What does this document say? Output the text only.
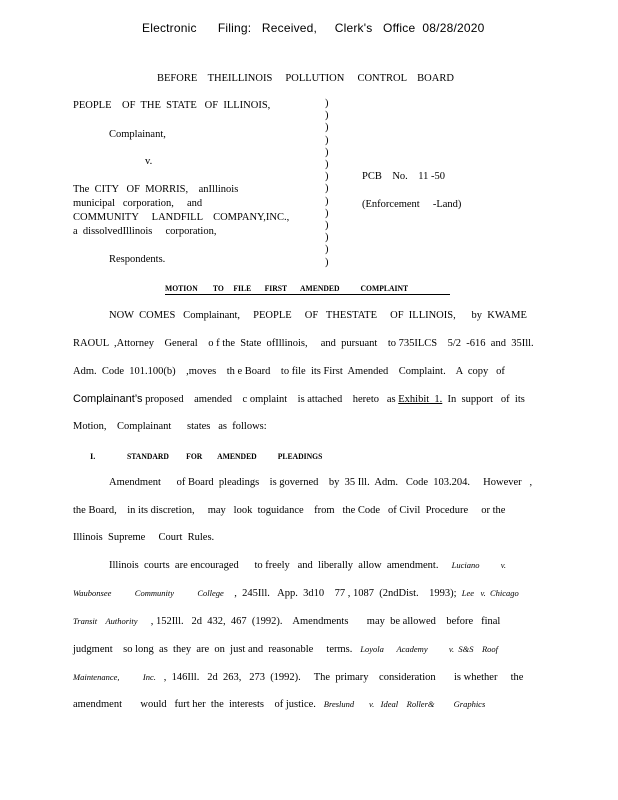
Electronic      Filing:   Received,     Clerk's   Office  08/28/2020
BEFORE    THEILLINOIS     POLLUTION     CONTROL    BOARD
PEOPLE    OF  THE  STATE   OF  ILLINOIS,
Complainant,
v.
The  CITY   OF  MORRIS,    anIllinois
municipal   corporation,     and
COMMUNITY     LANDFILL    COMPANY,INC.,
a  dissolvedIllinois     corporation,
Respondents.
)
)
)
)
)
)
)
)
)
)
)
)
)
)
PCB    No.    11 -50
(Enforcement     -Land)
MOTION        TO     FILE       FIRST       AMENDED           COMPLAINT
NOW  COMES   Complainant,     PEOPLE     OF   THESTATE     OF  ILLINOIS,      by  KWAME
RAOUL  ,Attorney    General    o f the  State  ofIllinois,     and  pursuant    to 735ILCS    5/2  -616  and  35Ill.
Adm.  Code  101.100(b)    ,moves    th e Board    to file  its First  Amended    Complaint.    A  copy   of
Complainant’s proposed    amended    c omplaint    is attached    hereto   as Exhibit  1.  In  support   of  its
Motion,    Complainant      states   as  follows:
I.	STANDARD         FOR        AMENDED           PLEADINGS
Amendment      of Board  pleadings    is governed    by  35 Ill.  Adm.   Code  103.204.     However   ,
the Board,    in its discretion,     may   look  toguidance    from   the Code   of Civil  Procedure     or the
Illinois  Supreme     Court  Rules.
Illinois  courts  are encouraged      to freely   and  liberally  allow  amendment.     Luciano          v.
Waubonsee           Community           College    ,  245Ill.   App.  3d10    77 , 1087  (2ndDist.    1993);  Lee   v.  Chicago
Transit    Authority     , 152Ill.   2d  432,  467  (1992).    Amendments       may  be allowed    before   final
judgment    so long  as  they  are  on  just and  reasonable     terms.   Loyola      Academy          v.  S&S    Roof
Maintenance,           Inc.   ,  146Ill.   2d  263,   273  (1992).     The  primary    consideration       is whether     the
amendment       would   furt her  the  interests    of justice.   Breslund       v.   Ideal    Roller&         Graphics
